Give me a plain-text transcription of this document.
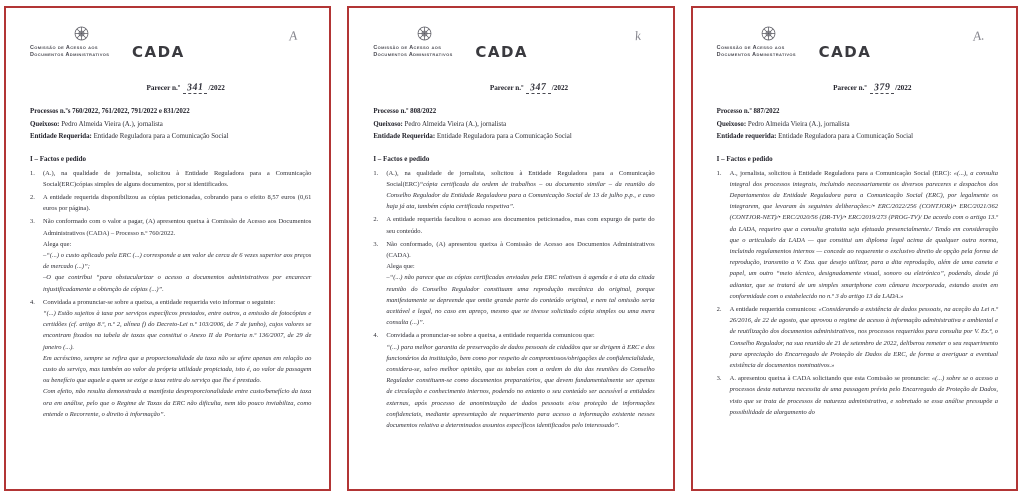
Comissão de Acesso aos
Documentos Administrativos CADA
A
Parecer n.º 341 /2022
Processos n.ºs 760/2022, 761/2022, 791/2022 e 831/2022
Queixoso: Pedro Almeida Vieira (A.), jornalista
Entidade Requerida: Entidade Reguladora para a Comunicação Social
I – Factos e pedido
1.	(A.), na qualidade de jornalista, solicitou à Entidade Reguladora para a Comunicação Social(ERC)cópias simples de alguns documentos, por si identificados.

2.	A entidade requerida disponibilizou as cópias peticionadas, cobrando para o efeito 8,57 euros (0,61 euros por página).

3.	Não conformado com o valor a pagar, (A) apresentou queixa à Comissão de Acesso aos Documentos Administrativos (CADA) – Processo n.º 760/2022.

Alega que:

–“(...) o custo aplicado pela ERC (...) corresponde a um valor de cerca de 6 vezes superior aos preços de mercado (...)”;

–O que contribui “para obstacularizar o acesso a documentos administrativos por encarecer injustificadamente a obtenção de cópias (...)”.

4.	Convidada a pronunciar-se sobre a queixa, a entidade requerida veio informar o seguinte:

“(...) Estão sujeitos à taxa por serviços específicos prestados, entre outros, a emissão de fotocópias e certidões (cf. artigo 8.º, n.º 2, alínea f) do Decreto-Lei n.º 103/2006, de 7 de junho), cujos valores se encontram fixados na tabela de taxas que constitui o Anexo II da Portaria n.º 136/2007, de 29 de janeiro (...).

Em acréscimo, sempre se refira que a proporcionalidade da taxa não se afere apenas em relação ao custo do serviço, mas também ao valor da própria utilidade propiciada, isto é, ao valor da passagem ou benefício que aquele a quem se exige a taxa retira do serviço que lhe é prestado.

Com efeito, não resulta demonstrada a manifesta desproporcionalidade entre custo/benefício da taxa ora em análise, pelo que o Regime de Taxas da ERC não dificulta, nem tão pouco inviabiliza, como entende o Recorrente, o direito à informação”.

Comissão de Acesso aos
Documentos Administrativos CADA
k
Parecer n.º 347 /2022
Processo n.º 808/2022
Queixoso: Pedro Almeida Vieira (A.), jornalista
Entidade Requerida: Entidade Reguladora para a Comunicação Social
I – Factos e pedido
1.	(A.), na qualidade de jornalista, solicitou à Entidade Reguladora para a Comunicação Social(ERC)“cópia certificada da ordem de trabalhos – ou documento similar – da reunião do Conselho Regulador da Entidade Reguladora para a Comunicação Social de 13 de julho p.p., e caso haja já ata, também cópia certificada respetiva”.

2.	A entidade requerida facultou o acesso aos documentos peticionados, mas com expurgo de parte do seu conteúdo.

3.	Não conformado, (A) apresentou queixa à Comissão de Acesso aos Documentos Administrativos (CADA).

Alega que:

–“(...) não parece que as cópias certificadas enviadas pela ERC relativas à agenda e à ata da citada reunião do Conselho Regulador constituam uma reprodução mecânica do original, porque manifestamente se depreende que omite grande parte do conteúdo original, e nem tal omissão seria aceitável e legal, no caso em apreço, mesmo que se tivesse solicitado cópia simples ou uma mera consulta (...)”.

4.	Convidada a pronunciar-se sobre a queixa, a entidade requerida comunicou que:

“(...) para melhor garantia de preservação de dados pessoais de cidadãos que se dirigem à ERC e dos funcionários da instituição, bem como por respeito de compromissos/obrigações de confidencialidade, considera-se, salvo melhor opinião, que as tabelas com a ordem do dia das reuniões do Conselho Regulador constituem-se como documentos preparatórios, que devem fundamentalmente ser apenas de circulação e conhecimento internos, podendo no entanto o seu conteúdo ser acessível a entidades externas, após processo de anonimização de dados pessoais e/ou proteção de informações confidenciais, mediante apresentação de requerimento para acesso a informação existente nesses documentos relativa a determinados assuntos específicos identificados pelo interessado”.

Comissão de Acesso aos
Documentos Administrativos CADA
A.
Parecer n.º 379 /2022
Processo n.º 887/2022
Queixoso: Pedro Almeida Vieira (A.), jornalista
Entidade requerida: Entidade Reguladora para a Comunicação Social
I – Factos e pedido
1.	A., jornalista, solicitou à Entidade Reguladora para a Comunicação Social (ERC): «(...), a consulta integral dos processos integrais, incluindo necessariamente os diversos pareceres e despachos dos Departamentos da Entidade Reguladora para a Comunicação Social (ERC), por legalmente os integrarem, que levaram às seguintes deliberações:/• ERC/2022/256 (CONTJOR)/• ERC/2021/362 (CONTJOR-NET)/• ERC/2020/56 (DR-TV)/• ERC/2019/273 (PROG-TV)/ De acordo com o artigo 13.º da LADA, requeiro que a consulta gratuita seja efetuada presencialmente./ Tendo em consideração que o articulado da LADA — que constitui um diploma legal acima de qualquer outra norma, incluindo regulamentos internos — concede ao requerente o exclusivo direito de opção pela forma de reprodução, transmito a V. Exa. que desejo utilizar, para a dita reprodução, além de uma caneta e papel, um outro “meio técnico, designadamente visual, sonoro ou eletrónico”, podendo, desde já adiantar, que se tratará de um simples smartphone com câmara incorporada, estando assim em conformidade com o estabelecido no n.º 3 do artigo 13 da LADA.»

2.	A entidade requerida comunicou: «Considerando a existência de dados pessoais, na aceção da Lei n.º 26/2016, de 22 de agosto, que aprovou o regime de acesso à informação administrativa e ambiental e de reutilização dos documentos administrativos, nos processos requeridos para consulta por V. Ex.ª, o Conselho Regulador, na sua reunião de 21 de setembro de 2022, deliberou remeter o seu requerimento para apreciação do Encarregado de Proteção de Dados da ERC, de forma a averiguar a eventual existência de documentos nominativos.»

3.	A. apresentou queixa à CADA solicitando que esta Comissão se pronuncie: «(...) sobre se o acesso a processos desta natureza necessita de uma passagem prévia pelo Encarregado de Proteção de Dados, visto que se trata de processos de natureza administrativa, e sobretudo se essa análise pressupõe a possibilidade de alargamento do
